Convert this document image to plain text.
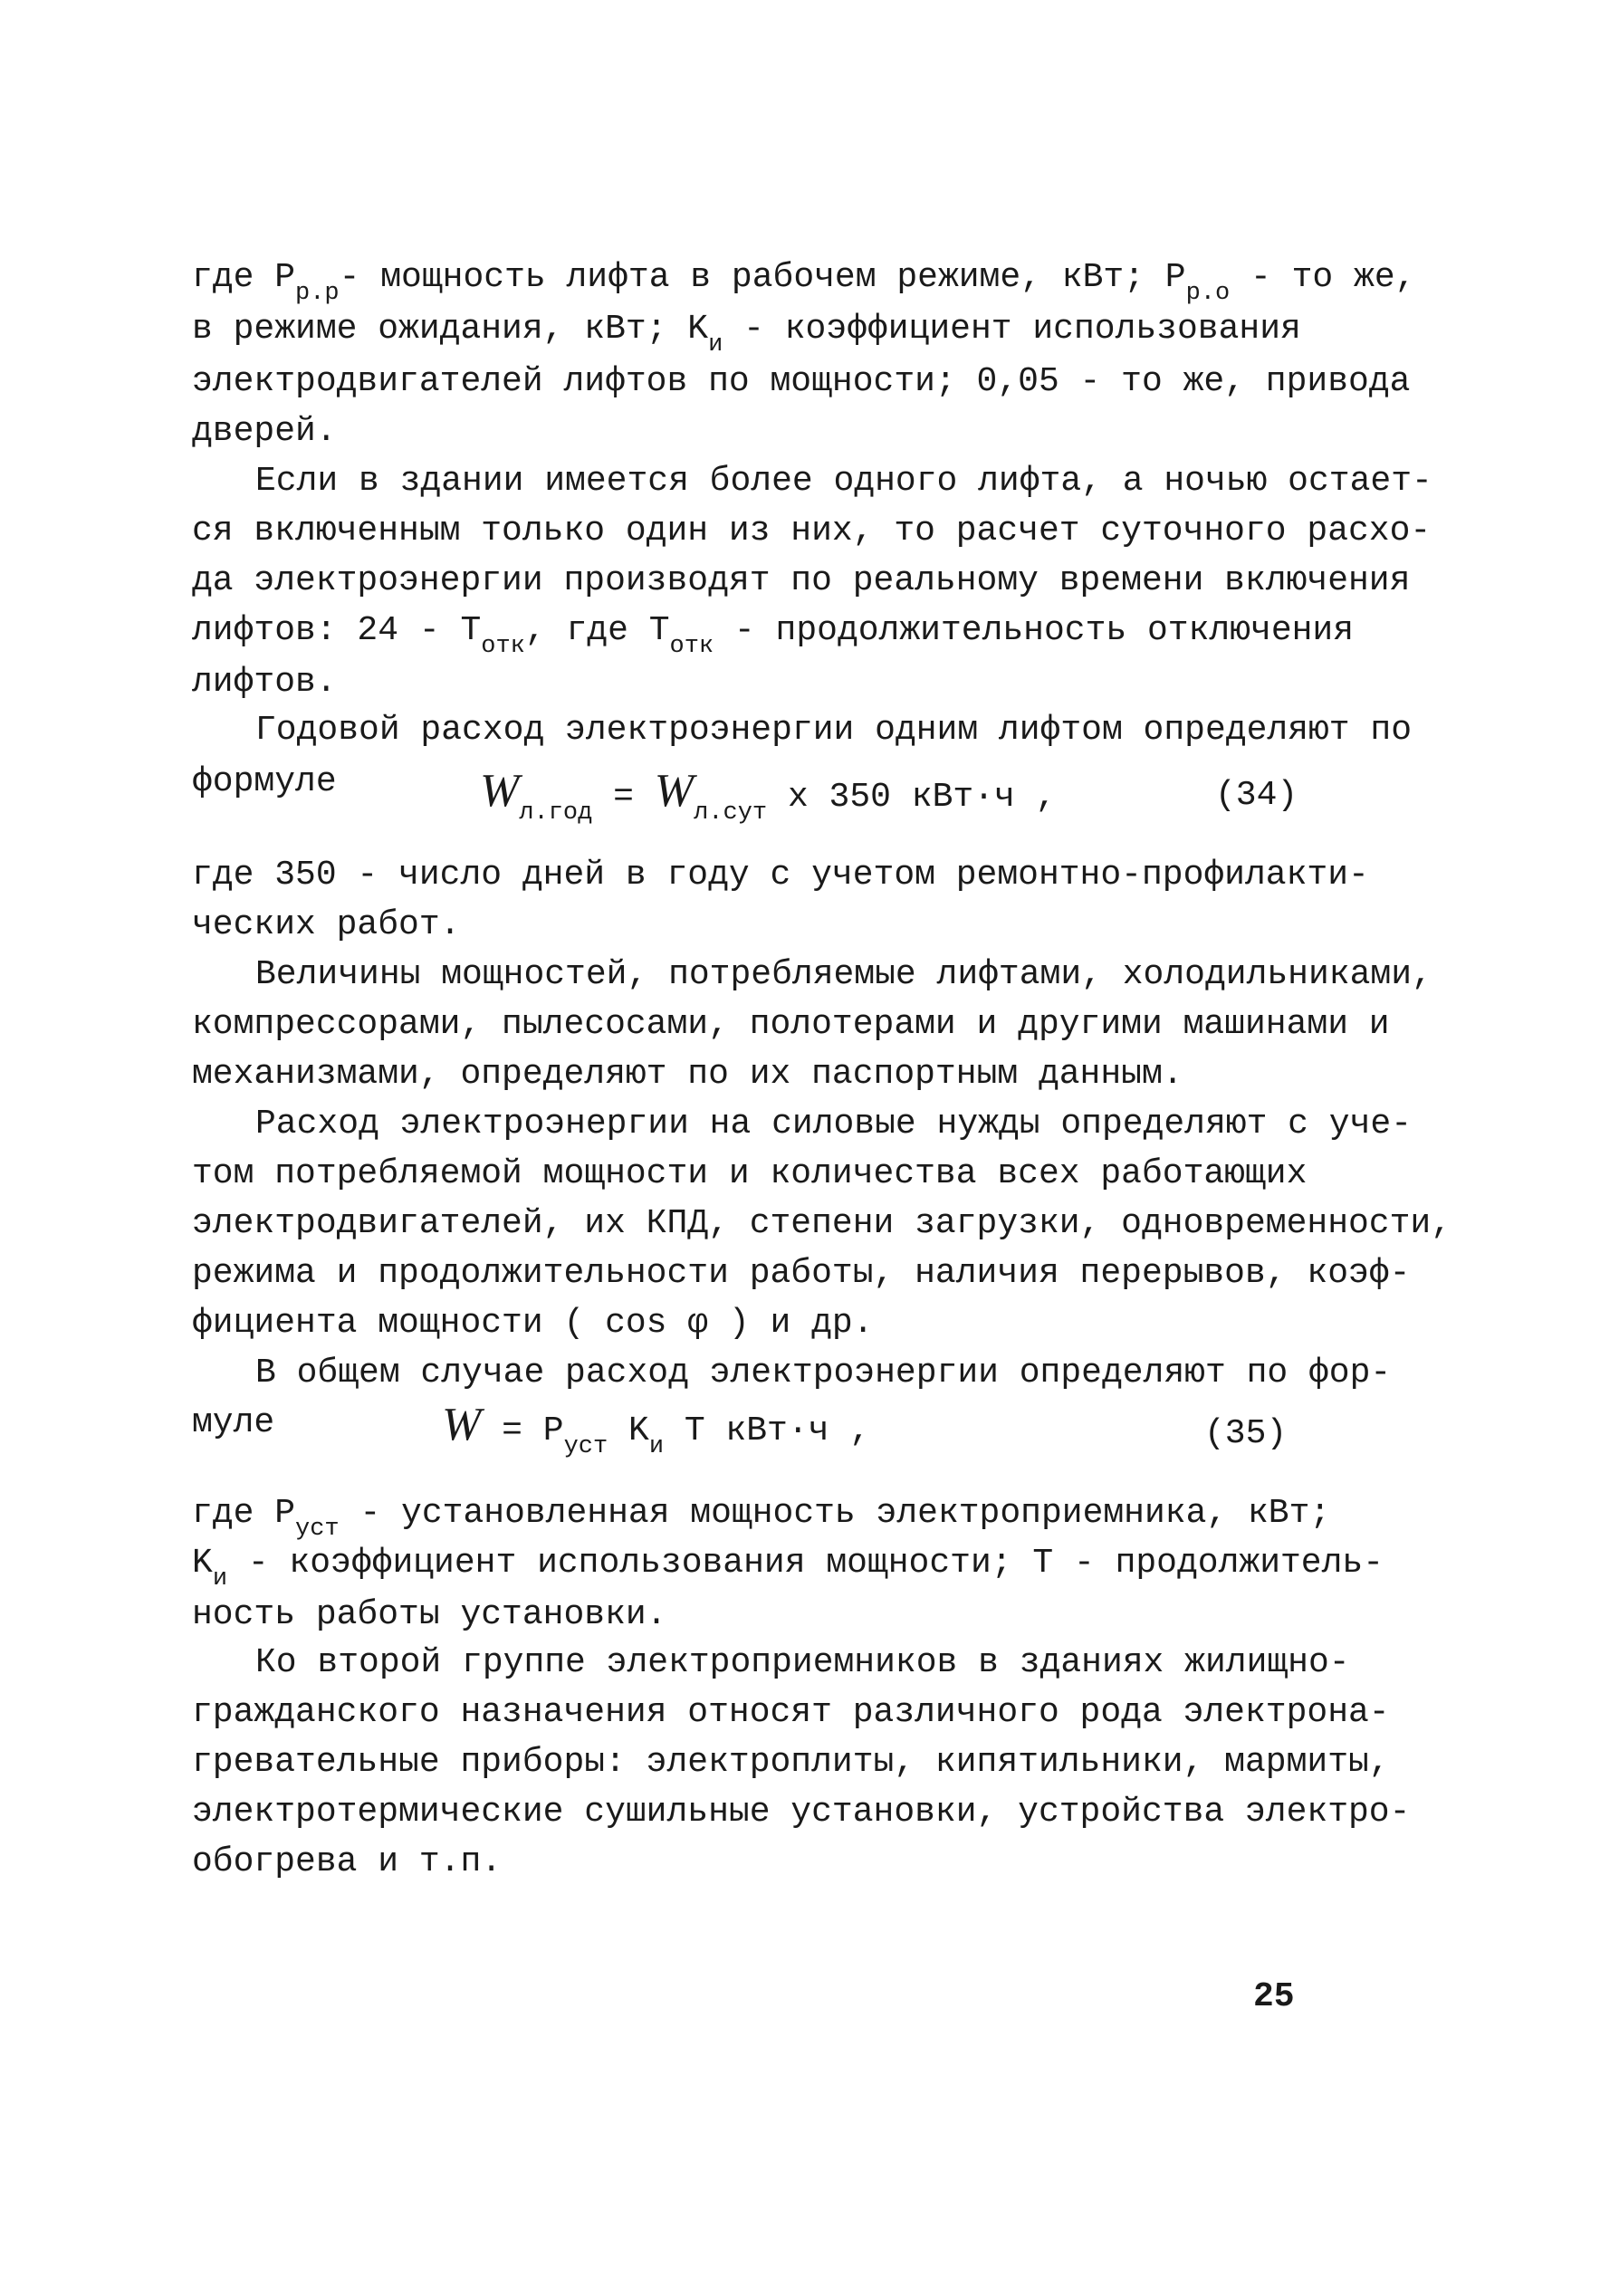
где $P_{р.р}-$ мощность лифта в рабочем режиме, кВт; $P_{р.о}$ - то же,
в режиме ожидания, кВт; $K_и$ - коэффициент использования
электродвигателей лифтов по мощности; 0,05 - то же, привода
дверей.
Если в здании имеется более одного лифта, а ночью остает-
ся включенным только один из них, то расчет суточного расхо-
да электроэнергии производят по реальному времени включения
лифтов: $24 - T_{отк}$, где $T_{отк}$ - продолжительность отключения
лифтов.
Годовой расход электроэнергии одним лифтом определяют по
формуле	$W_{л.год} = W_{л.сут}$ x 350 кВт·ч ,	(34)
где 350 - число дней в году с учетом ремонтно-профилакти-
ческих работ.
Величины мощностей, потребляемые лифтами, холодильниками,
компрессорами, пылесосами, полотерами и другими машинами и
механизмами, определяют по их паспортным данным.
Расход электроэнергии на силовые нужды определяют с уче-
том потребляемой мощности и количества всех работающих
электродвигателей, их КПД, степени загрузки, одновременности,
режима и продолжительности работы, наличия перерывов, коэф-
фициента мощности ( cos φ ) и др.
В общем случае расход электроэнергии определяют по фор-
муле	$W = P_{уст}$ $K_и$ T кВт·ч ,	(35)
где $P_{уст}$ - установленная мощность электроприемника, кВт;
$K_и$ - коэффициент использования мощности; T - продолжитель-
ность работы установки.
Ко второй группе электроприемников в зданиях жилищно-
гражданского назначения относят различного рода электрона-
гревательные приборы: электроплиты, кипятильники, мармиты,
электротермические сушильные установки, устройства электро-
обогрева и т.п.
25
